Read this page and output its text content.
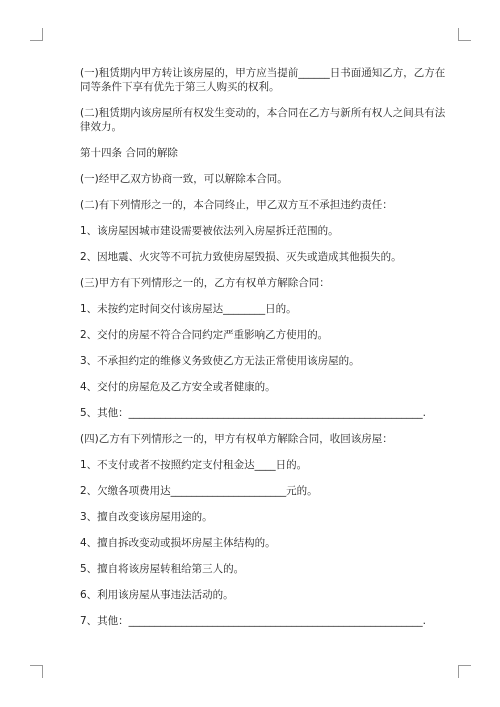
(一)租赁期内甲方转让该房屋的，甲方应当提前______日书面通知乙方，乙方在
同等条件下享有优先于第三人购买的权利。
(二)租赁期内该房屋所有权发生变动的，本合同在乙方与新所有权人之间具有法
律效力。
第十四条 合同的解除
(一)经甲乙双方协商一致，可以解除本合同。
(二)有下列情形之一的，本合同终止，甲乙双方互不承担违约责任：
1、该房屋因城市建设需要被依法列入房屋拆迁范围的。
2、因地震、火灾等不可抗力致使房屋毁损、灭失或造成其他损失的。
(三)甲方有下列情形之一的，乙方有权单方解除合同：
1、未按约定时间交付该房屋达________日的。
2、交付的房屋不符合合同约定严重影响乙方使用的。
3、不承担约定的维修义务致使乙方无法正常使用该房屋的。
4、交付的房屋危及乙方安全或者健康的。
5、其他：________________________________________________________.
(四)乙方有下列情形之一的，甲方有权单方解除合同，收回该房屋：
1、不支付或者不按照约定支付租金达____日的。
2、欠缴各项费用达______________________元的。
3、擅自改变该房屋用途的。
4、擅自拆改变动或损坏房屋主体结构的。
5、擅自将该房屋转租给第三人的。
6、利用该房屋从事违法活动的。
7、其他：________________________________________________________.
